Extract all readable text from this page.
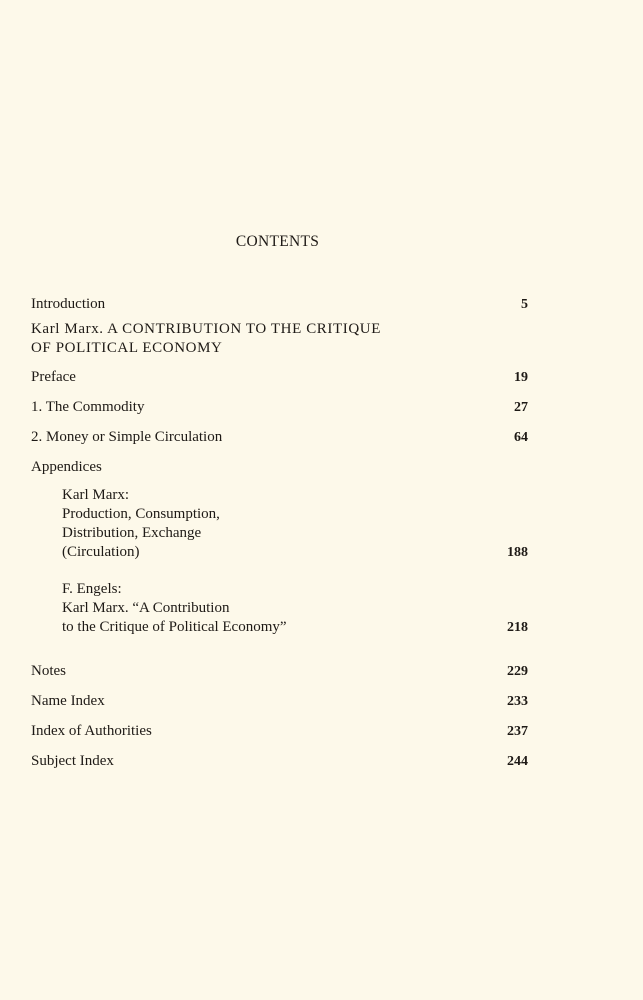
CONTENTS
Introduction	5
Karl Marx. A CONTRIBUTION TO THE CRITIQUE
OF POLITICAL ECONOMY
Preface	19
1. The Commodity	27
2. Money or Simple Circulation	64
Appendices
Karl Marx:
Production, Consumption,
Distribution, Exchange
(Circulation)	188
F. Engels:
Karl Marx. “A Contribution
to the Critique of Political Economy”	218
Notes	229
Name Index	233
Index of Authorities	237
Subject Index	244
